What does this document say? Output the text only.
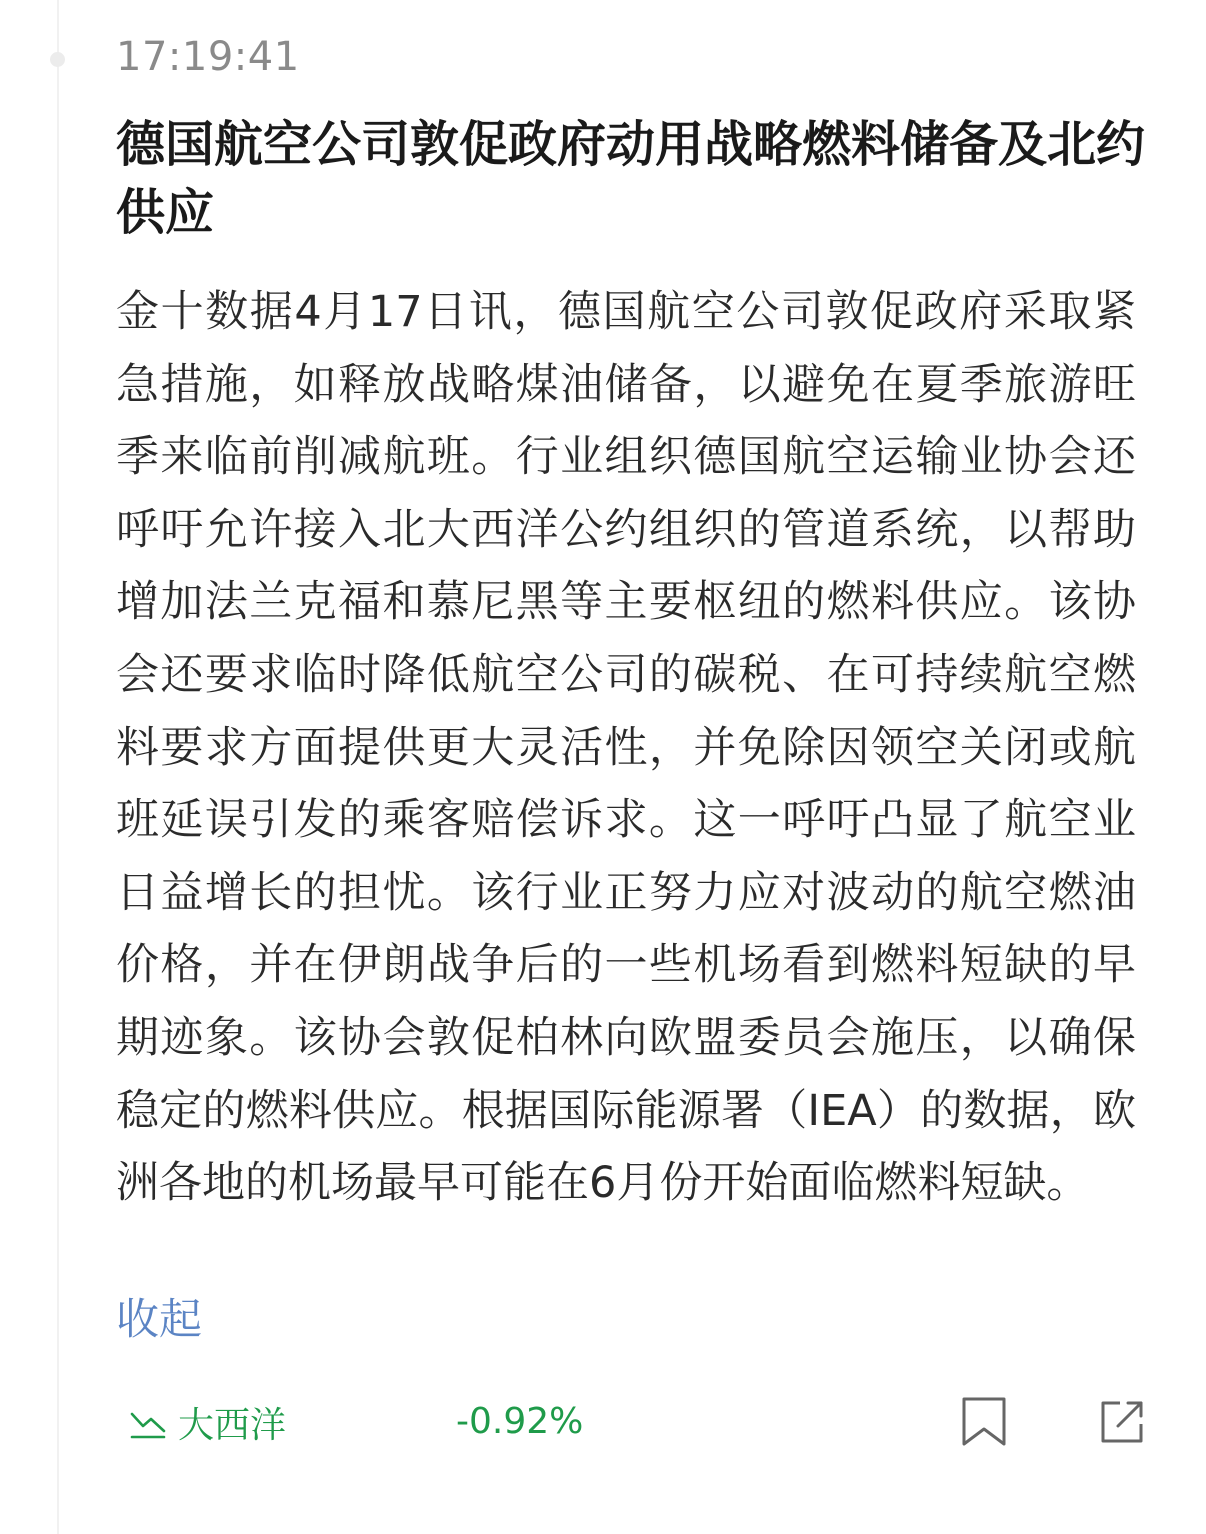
17:19:41
德国航空公司敦促政府动用战略燃料储备及北约供应

金十数据4月17日讯，德国航空公司敦促政府采取紧急措施，如释放战略煤油储备，以避免在夏季旅游旺季来临前削减航班。行业组织德国航空运输业协会还呼吁允许接入北大西洋公约组织的管道系统，以帮助增加法兰克福和慕尼黑等主要枢纽的燃料供应。该协会还要求临时降低航空公司的碳税、在可持续航空燃料要求方面提供更大灵活性，并免除因领空关闭或航班延误引发的乘客赔偿诉求。这一呼吁凸显了航空业日益增长的担忧。该行业正努力应对波动的航空燃油价格，并在伊朗战争后的一些机场看到燃料短缺的早期迹象。该协会敦促柏林向欧盟委员会施压，以确保稳定的燃料供应。根据国际能源署（IEA）的数据，欧洲各地的机场最早可能在6月份开始面临燃料短缺。

收起
大西洋	-0.92%
